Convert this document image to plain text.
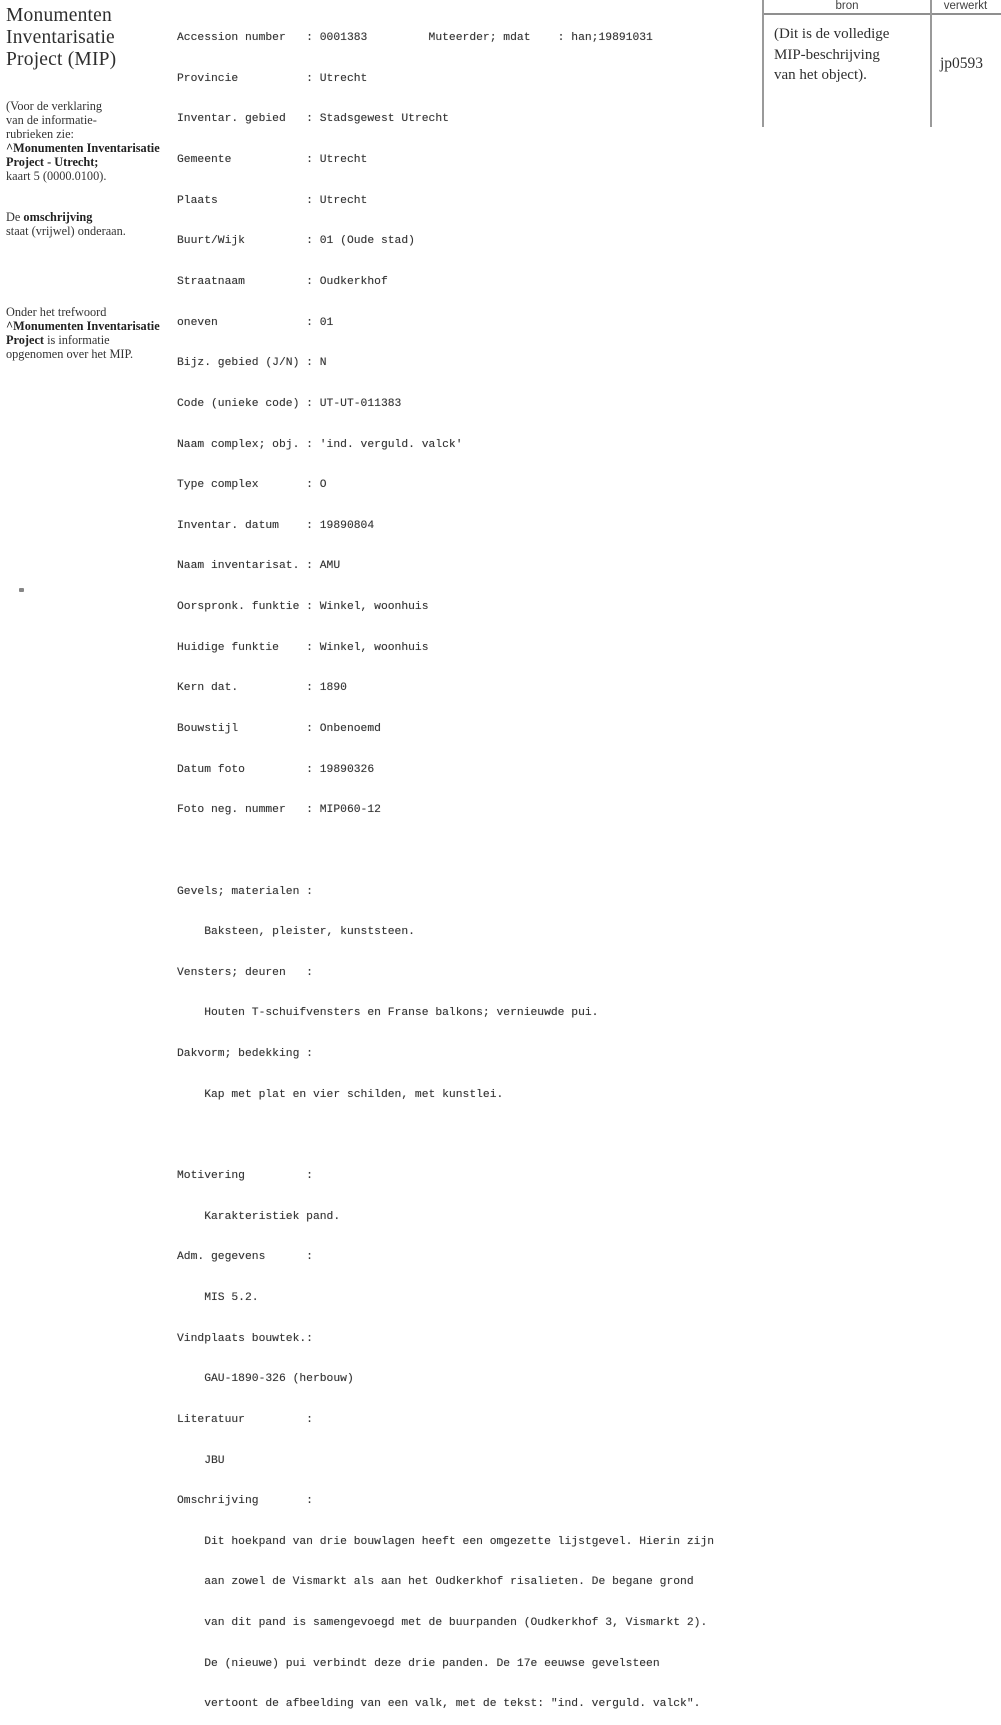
Monumenten
Inventarisatie
Project (MIP)
(Voor de verklaring
van de informatie-
rubrieken zie:
^Monumenten Inventarisatie
Project - Utrecht;
kaart 5 (0000.0100).
De omschrijving
staat (vrijwel) onderaan.
Onder het trefwoord
^Monumenten Inventarisatie
Project is informatie
opgenomen over het MIP.

Accession number   : 0001383         Muteerder; mdat    : han;19891031

Provincie          : Utrecht

Inventar. gebied   : Stadsgewest Utrecht

Gemeente           : Utrecht

Plaats             : Utrecht

Buurt/Wijk         : 01 (Oude stad)

Straatnaam         : Oudkerkhof

oneven             : 01

Bijz. gebied (J/N) : N

Code (unieke code) : UT-UT-011383

Naam complex; obj. : 'ind. verguld. valck'

Type complex       : O

Inventar. datum    : 19890804

Naam inventarisat. : AMU

Oorspronk. funktie : Winkel, woonhuis

Huidige funktie    : Winkel, woonhuis

Kern dat.          : 1890

Bouwstijl          : Onbenoemd

Datum foto         : 19890326

Foto neg. nummer   : MIP060-12

Gevels; materialen :

Baksteen, pleister, kunststeen.

Vensters; deuren   :

Houten T-schuifvensters en Franse balkons; vernieuwde pui.

Dakvorm; bedekking :

Kap met plat en vier schilden, met kunstlei.

Motivering         :

Karakteristiek pand.

Adm. gegevens      :

MIS 5.2.

Vindplaats bouwtek.:

GAU-1890-326 (herbouw)

Literatuur         :

JBU

Omschrijving       :

Dit hoekpand van drie bouwlagen heeft een omgezette lijstgevel. Hierin zijn

aan zowel de Vismarkt als aan het Oudkerkhof risalieten. De begane grond

van dit pand is samengevoegd met de buurpanden (Oudkerkhof 3, Vismarkt 2).

De (nieuwe) pui verbindt deze drie panden. De 17e eeuwse gevelsteen

vertoont de afbeelding van een valk, met de tekst: "ind. verguld. valck".

bron	verwerkt
(Dit is de volledige
MIP-beschrijving
van het object).
jp0593
